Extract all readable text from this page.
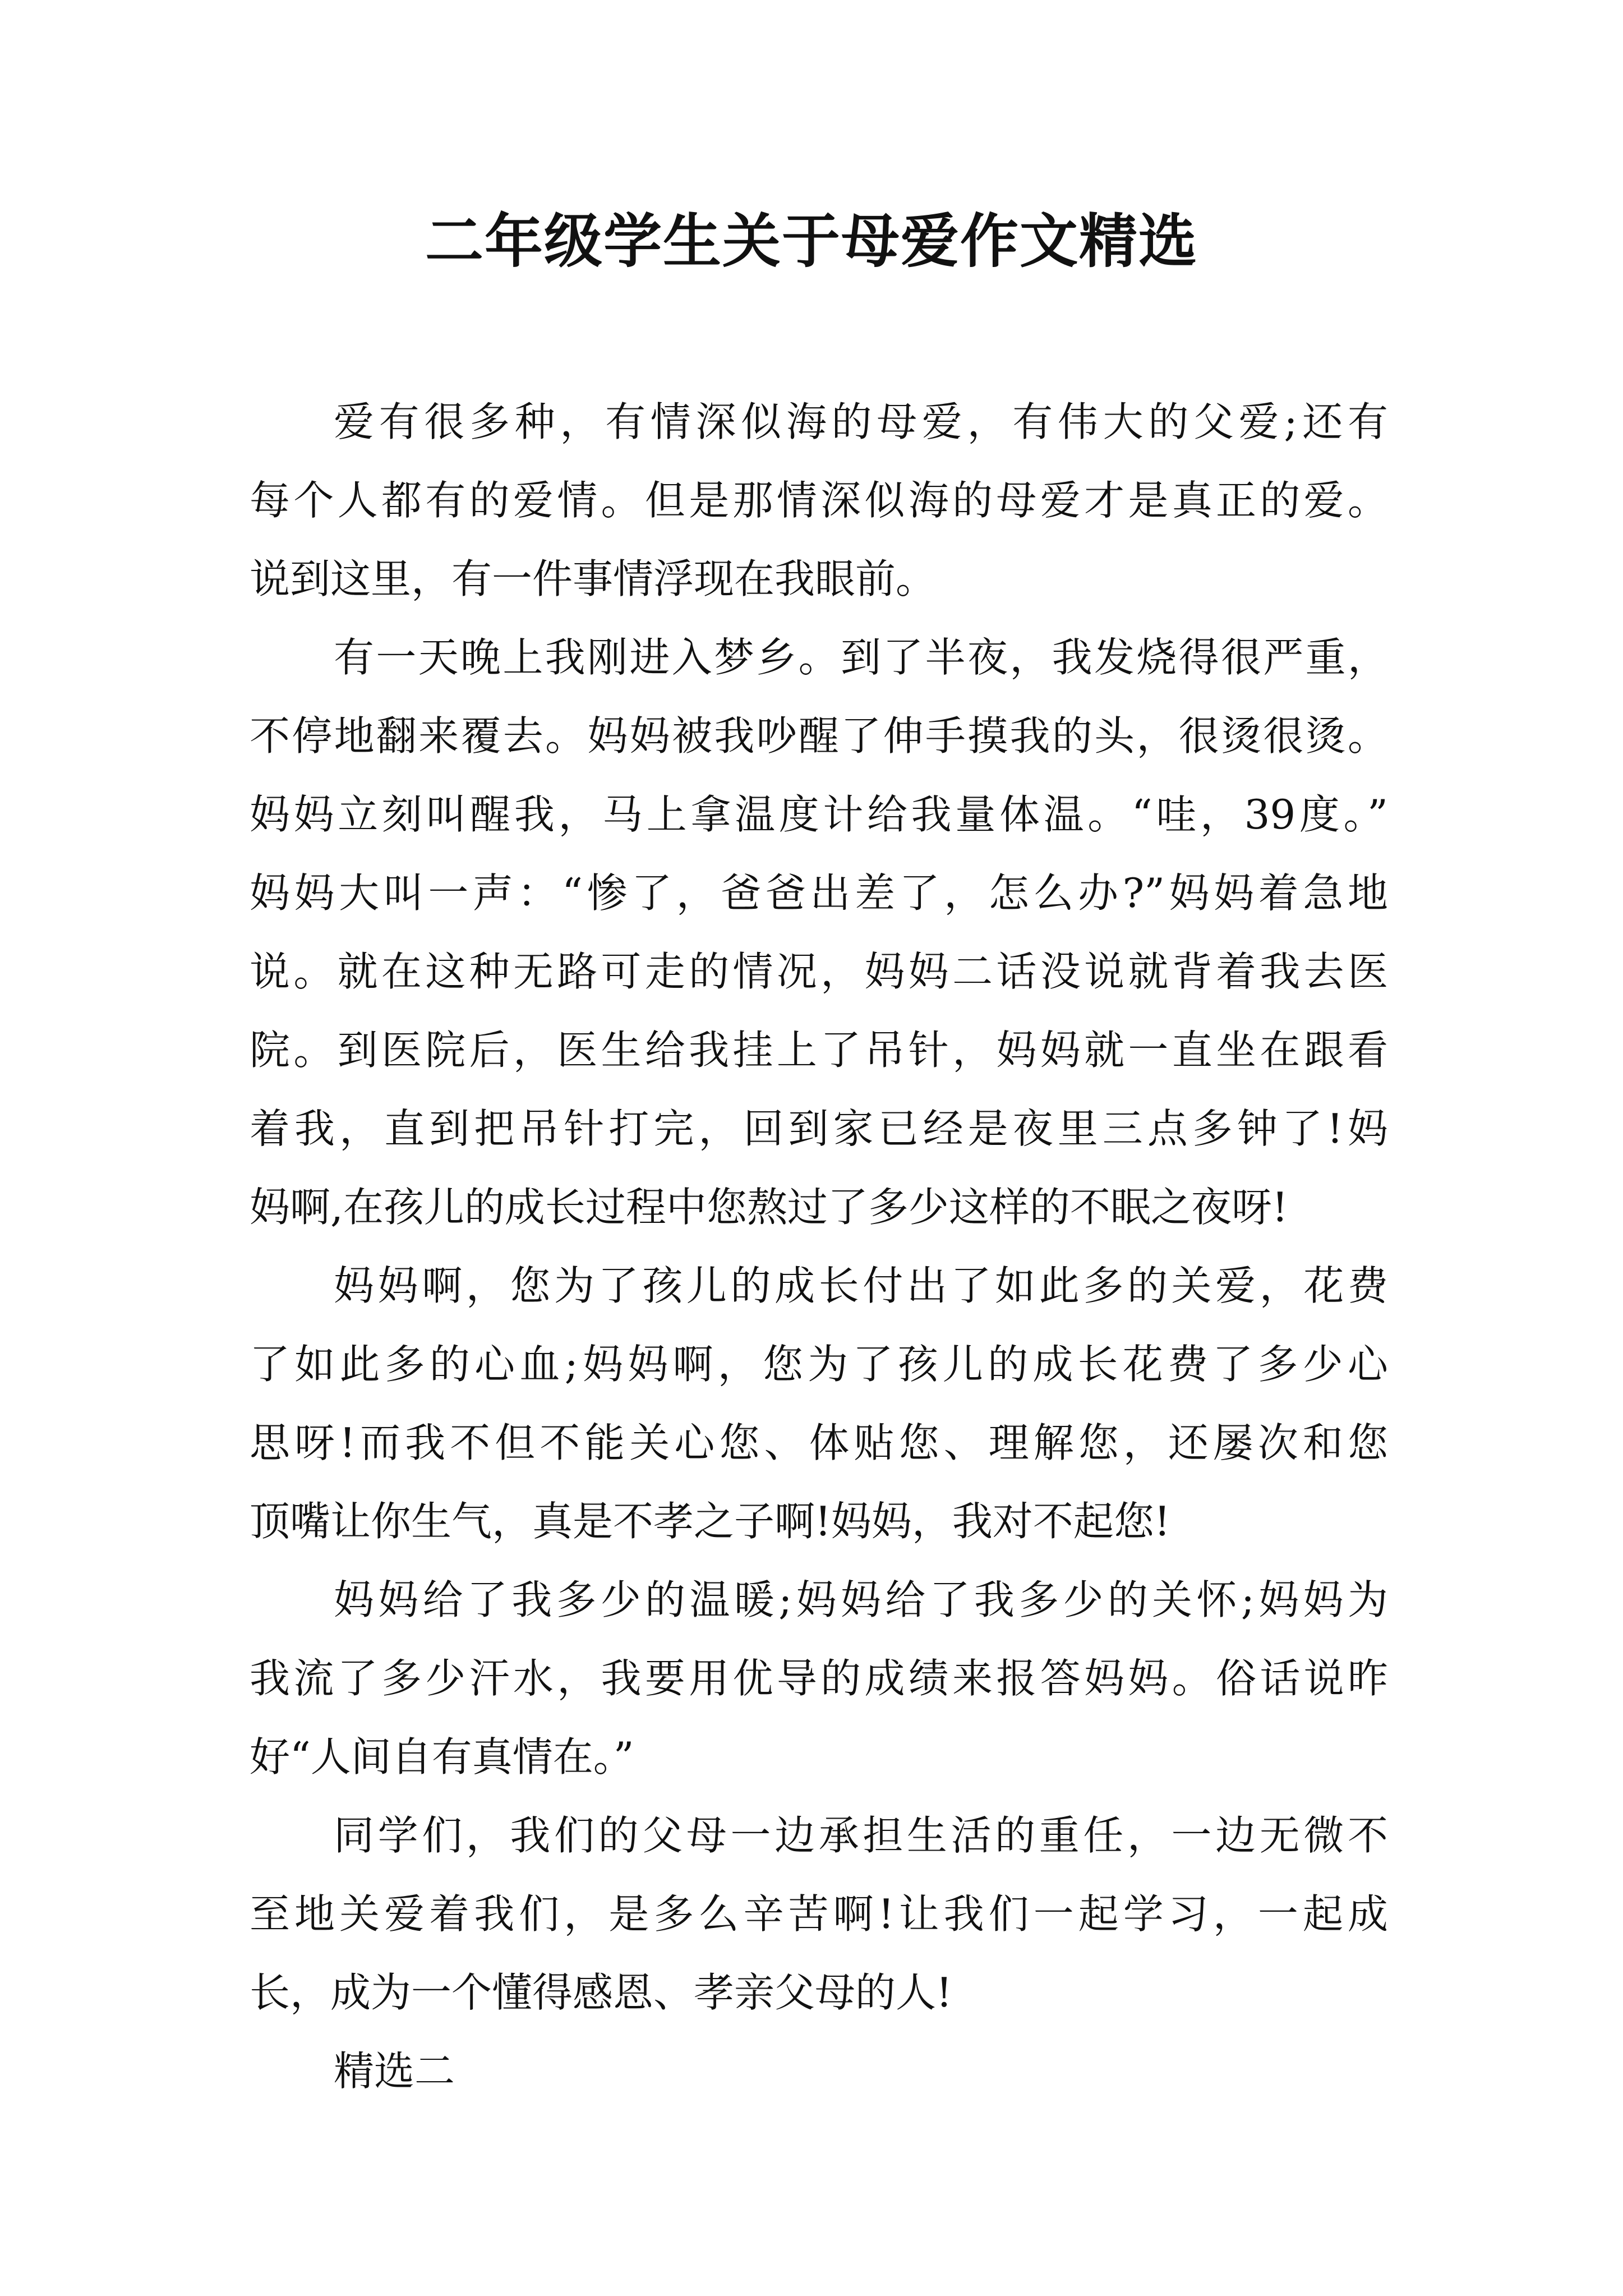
二年级学生关于母爱作文精选

爱有很多种，有情深似海的母爱，有伟大的父爱;还有

每个人都有的爱情。但是那情深似海的母爱才是真正的爱。

说到这里，有一件事情浮现在我眼前。

有一天晚上我刚进入梦乡。到了半夜，我发烧得很严重，

不停地翻来覆去。妈妈被我吵醒了伸手摸我的头，很烫很烫。

妈妈立刻叫醒我，马上拿温度计给我量体温。“哇，39度。”

妈妈大叫一声：“惨了，爸爸出差了，怎么办?”妈妈着急地

说。就在这种无路可走的情况，妈妈二话没说就背着我去医

院。到医院后，医生给我挂上了吊针，妈妈就一直坐在跟看

着我，直到把吊针打完，回到家已经是夜里三点多钟了!妈

妈啊,在孩儿的成长过程中您熬过了多少这样的不眠之夜呀!

妈妈啊，您为了孩儿的成长付出了如此多的关爱，花费

了如此多的心血;妈妈啊，您为了孩儿的成长花费了多少心

思呀!而我不但不能关心您、体贴您、理解您，还屡次和您

顶嘴让你生气，真是不孝之子啊!妈妈，我对不起您!

妈妈给了我多少的温暖;妈妈给了我多少的关怀;妈妈为

我流了多少汗水，我要用优导的成绩来报答妈妈。俗话说昨

好“人间自有真情在。”

同学们，我们的父母一边承担生活的重任，一边无微不

至地关爱着我们，是多么辛苦啊!让我们一起学习，一起成

长，成为一个懂得感恩、孝亲父母的人!

精选二
